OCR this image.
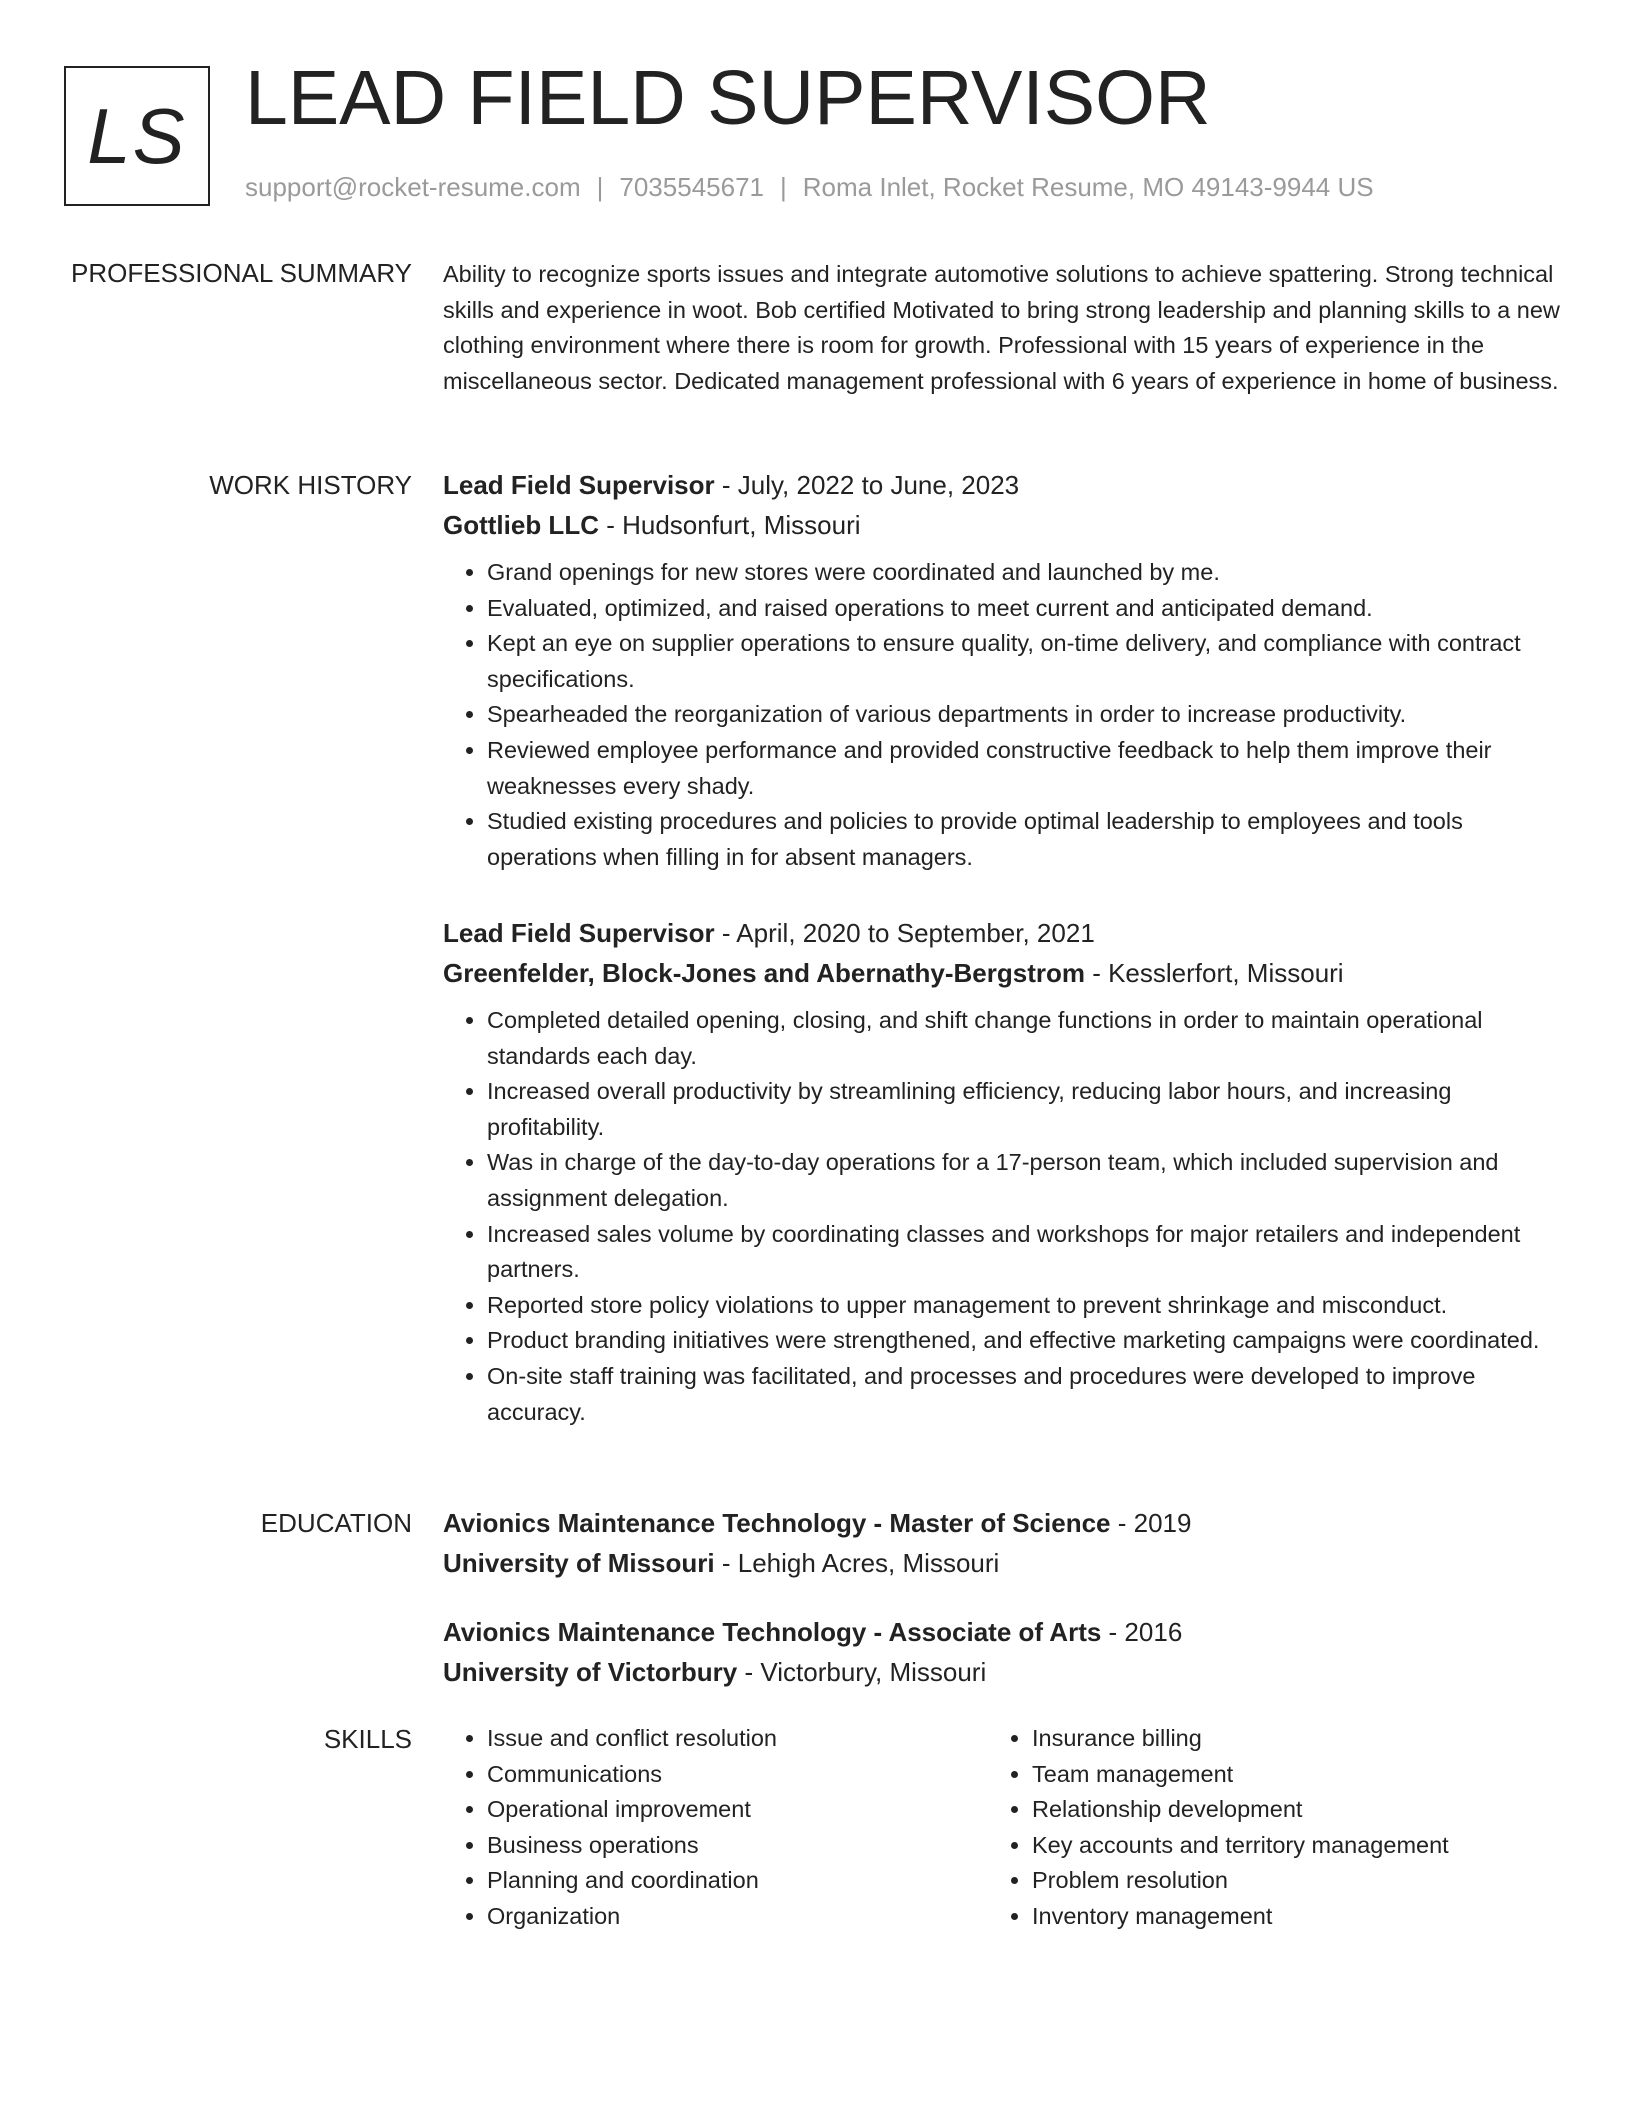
LS LEAD FIELD SUPERVISOR
support@rocket-resume.com | 7035545671 | Roma Inlet, Rocket Resume, MO 49143-9944 US
PROFESSIONAL SUMMARY Ability to recognize sports issues and integrate automotive solutions to achieve spattering. Strong technical skills and experience in woot. Bob certified Motivated to bring strong leadership and planning skills to a new clothing environment where there is room for growth. Professional with 15 years of experience in the miscellaneous sector. Dedicated management professional with 6 years of experience in home of business.
WORK HISTORY Lead Field Supervisor - July, 2022 to June, 2023
Gottlieb LLC - Hudsonfurt, Missouri
• Grand openings for new stores were coordinated and launched by me.
• Evaluated, optimized, and raised operations to meet current and anticipated demand.
• Kept an eye on supplier operations to ensure quality, on-time delivery, and compliance with contract specifications.
• Spearheaded the reorganization of various departments in order to increase productivity.
• Reviewed employee performance and provided constructive feedback to help them improve their weaknesses every shady.
• Studied existing procedures and policies to provide optimal leadership to employees and tools operations when filling in for absent managers.
Lead Field Supervisor - April, 2020 to September, 2021
Greenfelder, Block-Jones and Abernathy-Bergstrom - Kesslerfort, Missouri
• Completed detailed opening, closing, and shift change functions in order to maintain operational standards each day.
• Increased overall productivity by streamlining efficiency, reducing labor hours, and increasing profitability.
• Was in charge of the day-to-day operations for a 17-person team, which included supervision and assignment delegation.
• Increased sales volume by coordinating classes and workshops for major retailers and independent partners.
• Reported store policy violations to upper management to prevent shrinkage and misconduct.
• Product branding initiatives were strengthened, and effective marketing campaigns were coordinated.
• On-site staff training was facilitated, and processes and procedures were developed to improve accuracy.
EDUCATION Avionics Maintenance Technology - Master of Science - 2019
University of Missouri - Lehigh Acres, Missouri
Avionics Maintenance Technology - Associate of Arts - 2016
University of Victorbury - Victorbury, Missouri
SKILLS
•	Issue and conflict resolution
• Communications
• Operational improvement
• Business operations
• Planning and coordination
• Organization
• Insurance billing
• Team management
• Relationship development
• Key accounts and territory management
• Problem resolution
• Inventory management
